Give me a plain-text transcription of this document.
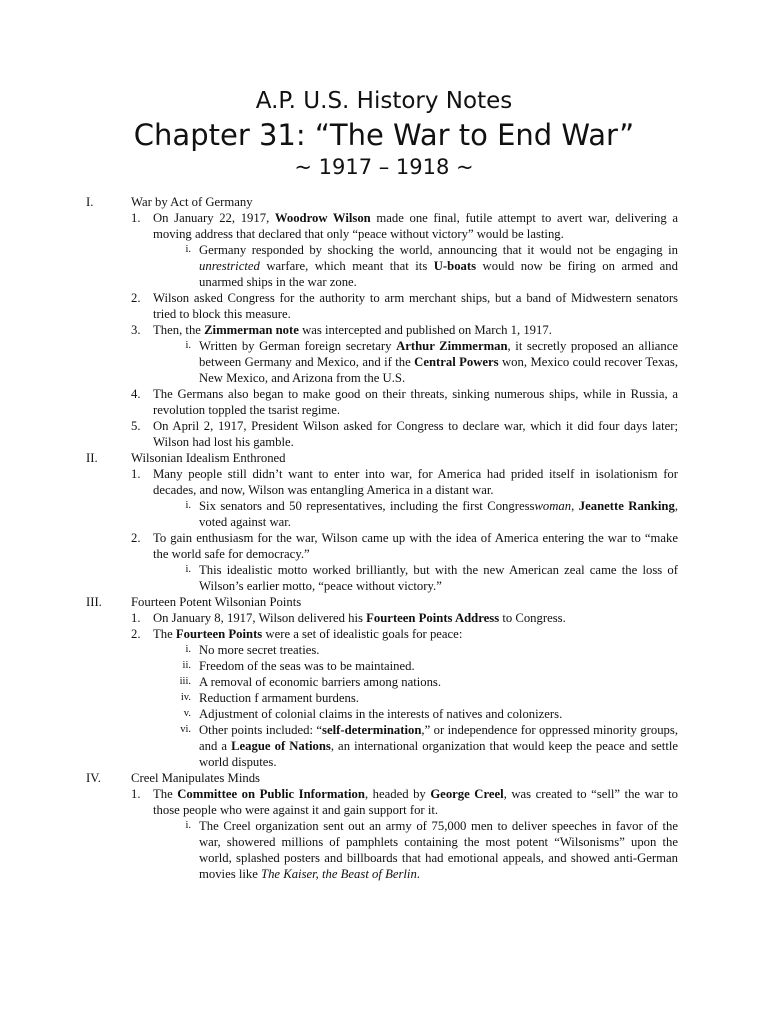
A.P. U.S. History Notes
Chapter 31: “The War to End War”
~ 1917 – 1918 ~
I.	War by Act of Germany
1. On January 22, 1917, Woodrow Wilson made one final, futile attempt to avert war, delivering a moving address that declared that only “peace without victory” would be lasting.
i. Germany responded by shocking the world, announcing that it would not be engaging in unrestricted warfare, which meant that its U-boats would now be firing on armed and unarmed ships in the war zone.
2. Wilson asked Congress for the authority to arm merchant ships, but a band of Midwestern senators tried to block this measure.
3. Then, the Zimmerman note was intercepted and published on March 1, 1917.
i. Written by German foreign secretary Arthur Zimmerman, it secretly proposed an alliance between Germany and Mexico, and if the Central Powers won, Mexico could recover Texas, New Mexico, and Arizona from the U.S.
4. The Germans also began to make good on their threats, sinking numerous ships, while in Russia, a revolution toppled the tsarist regime.
5. On April 2, 1917, President Wilson asked for Congress to declare war, which it did four days later; Wilson had lost his gamble.
II.	Wilsonian Idealism Enthroned
1. Many people still didn’t want to enter into war, for America had prided itself in isolationism for decades, and now, Wilson was entangling America in a distant war.
i. Six senators and 50 representatives, including the first Congresswoman, Jeanette Ranking, voted against war.
2. To gain enthusiasm for the war, Wilson came up with the idea of America entering the war to “make the world safe for democracy.”
i. This idealistic motto worked brilliantly, but with the new American zeal came the loss of Wilson’s earlier motto, “peace without victory.”
III. Fourteen Potent Wilsonian Points
1. On January 8, 1917, Wilson delivered his Fourteen Points Address to Congress.
2. The Fourteen Points were a set of idealistic goals for peace:
i. No more secret treaties.
ii. Freedom of the seas was to be maintained.
iii. A removal of economic barriers among nations.
iv. Reduction f armament burdens.
v. Adjustment of colonial claims in the interests of natives and colonizers.
vi. Other points included: “self-determination,” or independence for oppressed minority groups, and a League of Nations, an international organization that would keep the peace and settle world disputes.
IV. Creel Manipulates Minds
1. The Committee on Public Information, headed by George Creel, was created to “sell” the war to those people who were against it and gain support for it.
i. The Creel organization sent out an army of 75,000 men to deliver speeches in favor of the war, showered millions of pamphlets containing the most potent “Wilsonisms” upon the world, splashed posters and billboards that had emotional appeals, and showed anti-German movies like The Kaiser, the Beast of Berlin.
